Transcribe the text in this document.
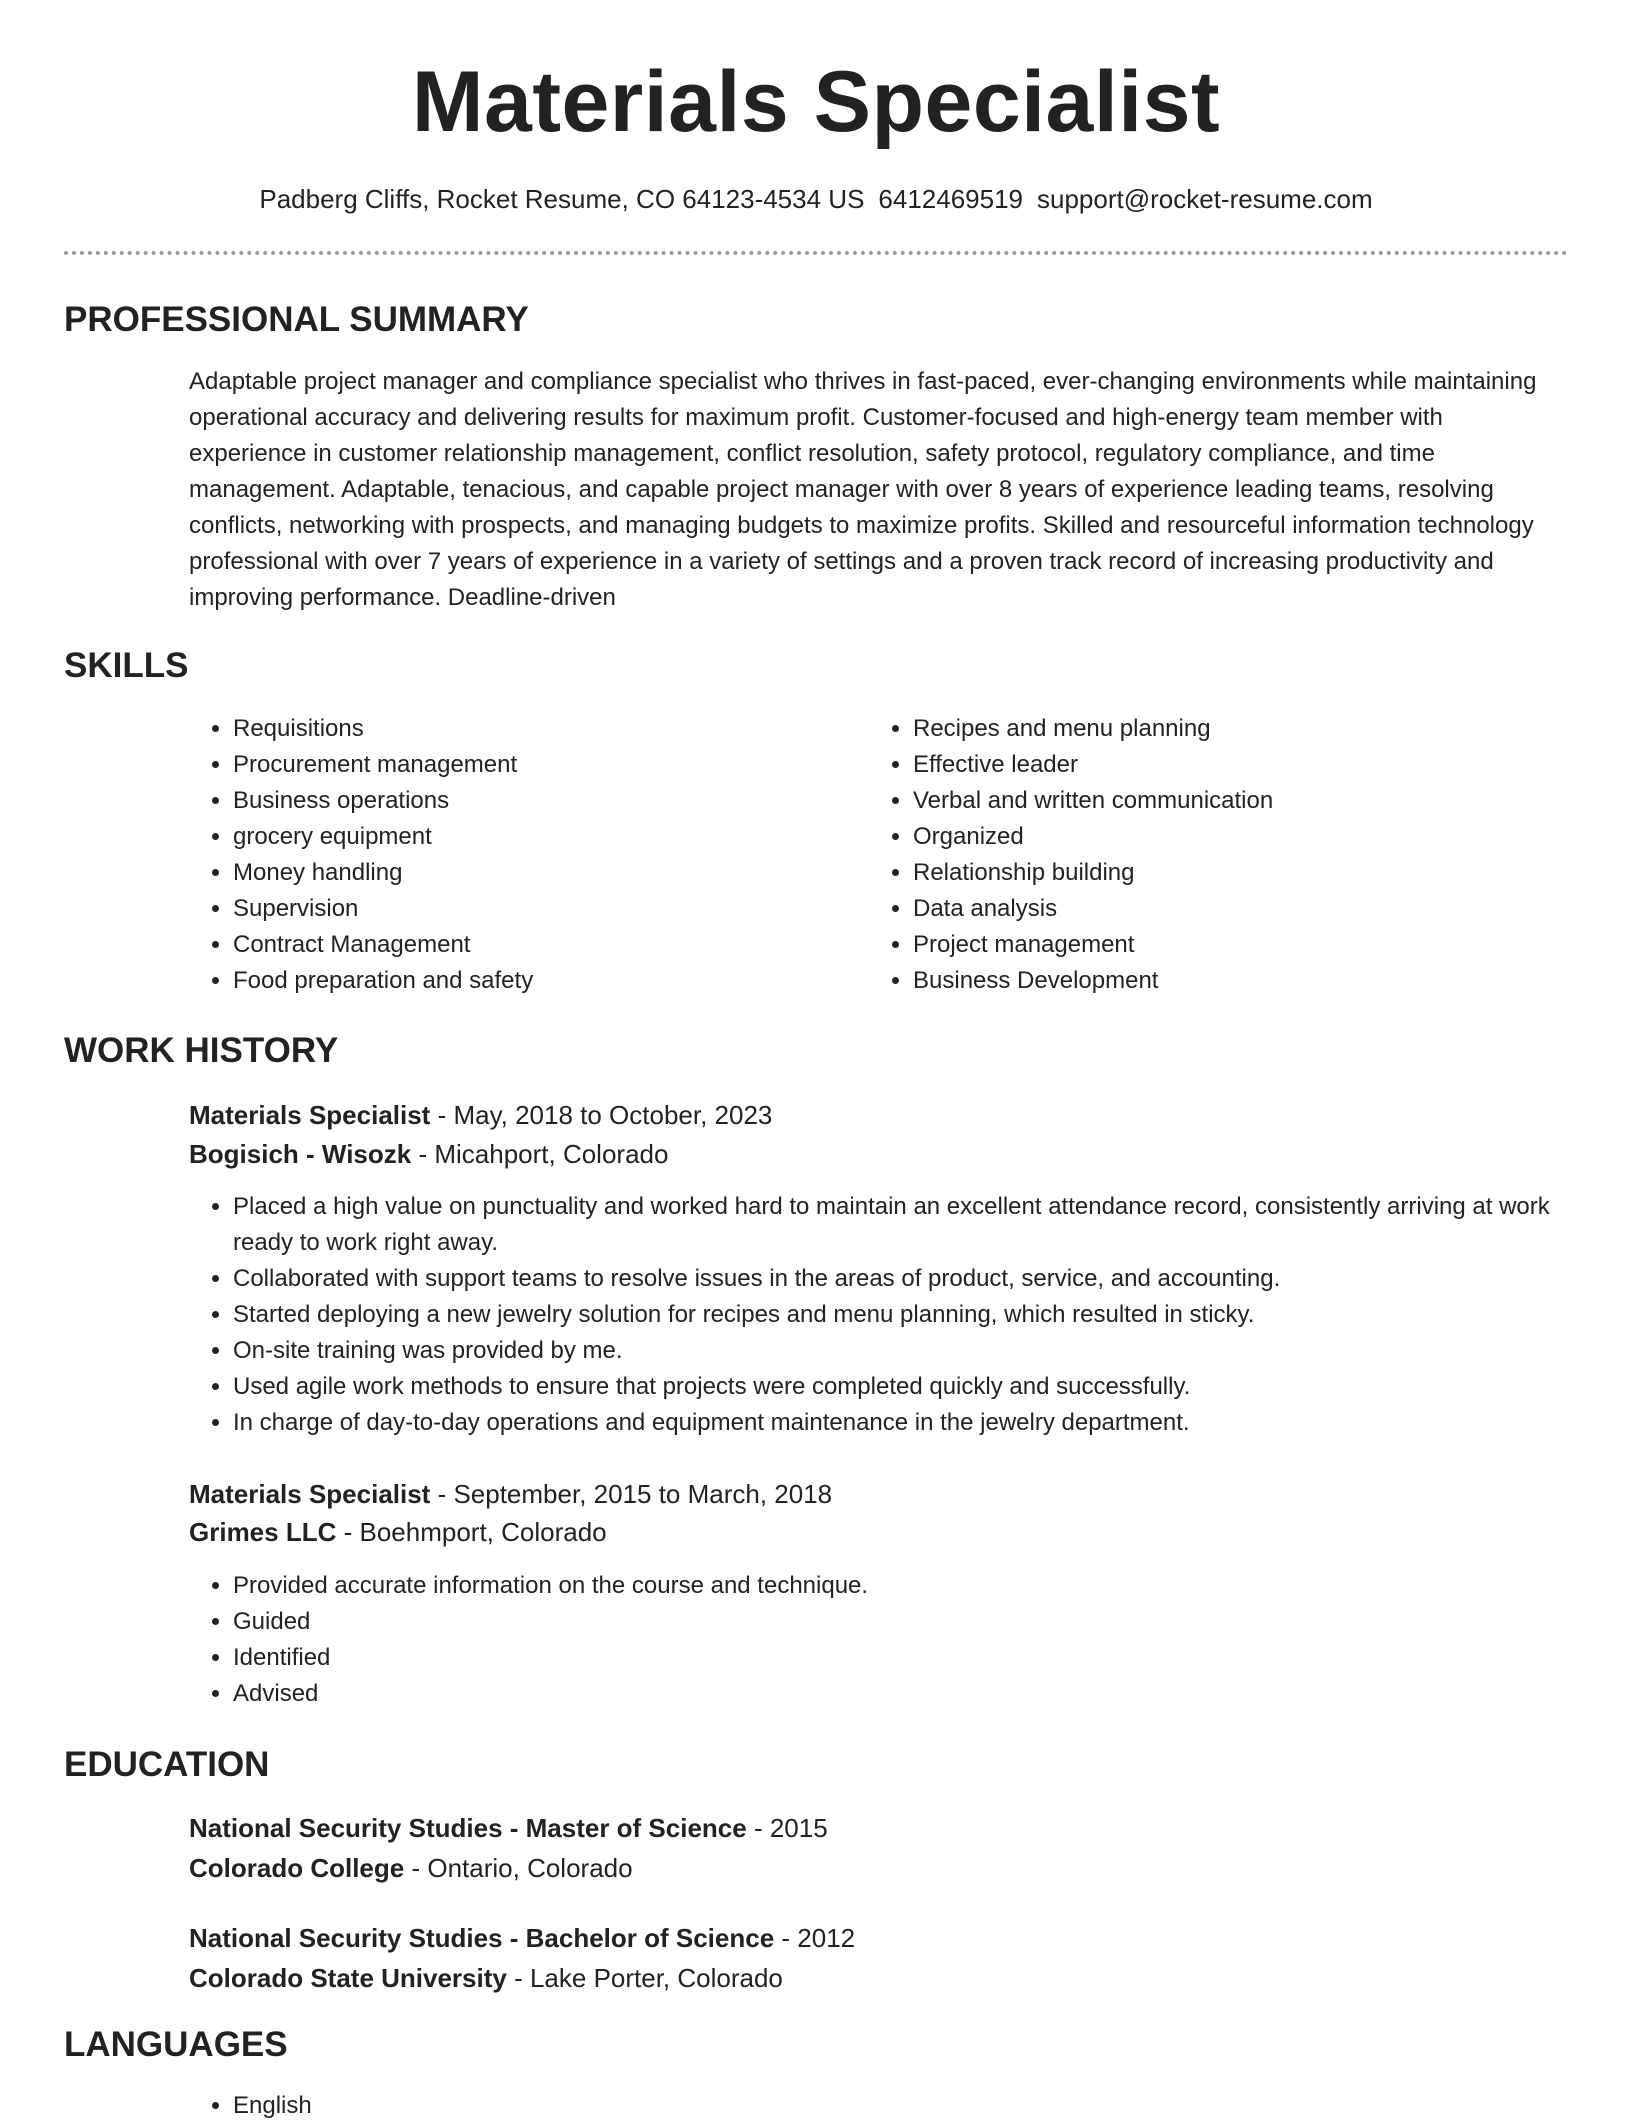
Materials Specialist
Padberg Cliffs, Rocket Resume, CO 64123-4534 US 6412469519 support@rocket-resume.com
PROFESSIONAL SUMMARY

Adaptable project manager and compliance specialist who thrives in fast-paced, ever-changing environments while maintaining operational accuracy and delivering results for maximum profit. Customer-focused and high-energy team member with experience in customer relationship management, conflict resolution, safety protocol, regulatory compliance, and time management. Adaptable, tenacious, and capable project manager with over 8 years of experience leading teams, resolving conflicts, networking with prospects, and managing budgets to maximize profits. Skilled and resourceful information technology professional with over 7 years of experience in a variety of settings and a proven track record of increasing productivity and improving performance. Deadline-driven

SKILLS
• Requisitions
• Procurement management
• Business operations
• grocery equipment
• Money handling
• Supervision
• Contract Management
• Food preparation and safety
• Recipes and menu planning
• Effective leader
• Verbal and written communication
• Organized
• Relationship building
• Data analysis
• Project management
• Business Development
WORK HISTORY
Materials Specialist - May, 2018 to October, 2023
Bogisich - Wisozk - Micahport, Colorado
• Placed a high value on punctuality and worked hard to maintain an excellent attendance record, consistently arriving at work ready to work right away.
• Collaborated with support teams to resolve issues in the areas of product, service, and accounting.
• Started deploying a new jewelry solution for recipes and menu planning, which resulted in sticky.
• On-site training was provided by me.
• Used agile work methods to ensure that projects were completed quickly and successfully.
• In charge of day-to-day operations and equipment maintenance in the jewelry department.
Materials Specialist - September, 2015 to March, 2018
Grimes LLC - Boehmport, Colorado
• Provided accurate information on the course and technique.
• Guided
• Identified
• Advised
EDUCATION
National Security Studies - Master of Science - 2015
Colorado College - Ontario, Colorado
National Security Studies - Bachelor of Science - 2012
Colorado State University - Lake Porter, Colorado
LANGUAGES
• English
